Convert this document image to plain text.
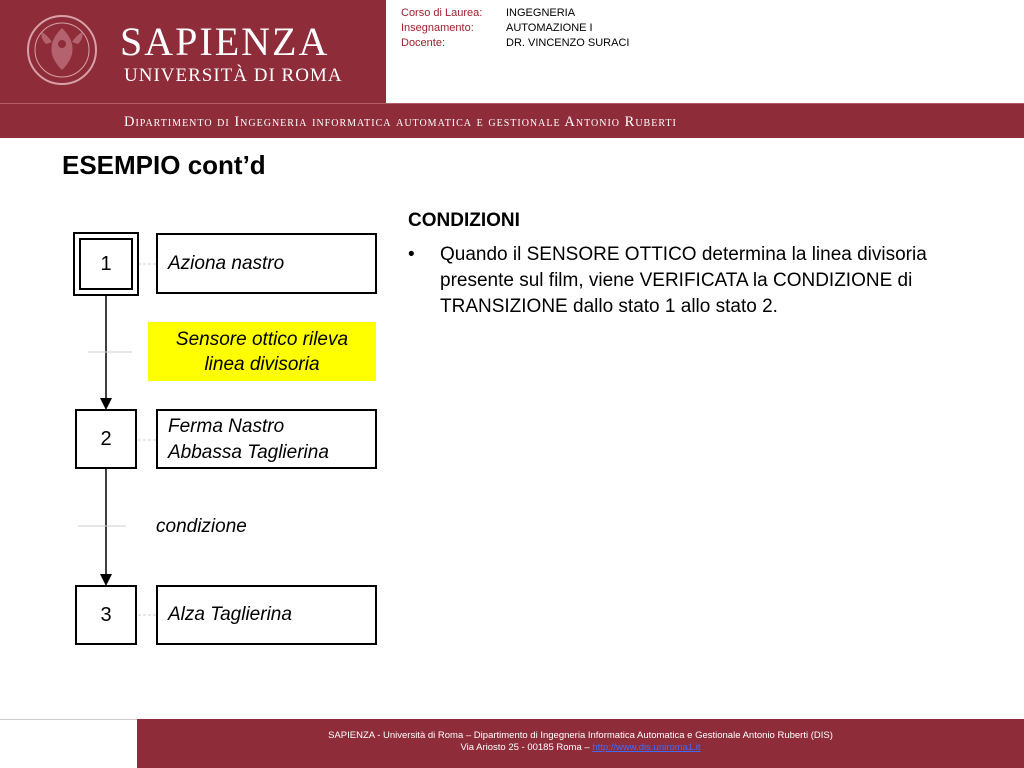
SAPIENZA
UNIVERSITÀ DI ROMA
Corso di Laurea: INGEGNERIA
Insegnamento:	AUTOMAZIONE I
Docente:	DR. VINCENZO SURACI
Dipartimento di Ingegneria informatica automatica e gestionale Antonio Ruberti
ESEMPIO cont’d
1	Aziona nastro
Sensore ottico rileva
linea divisoria
2
Ferma Nastro
Abbassa Taglierina
condizione
3	Alza Taglierina
CONDIZIONI
• Quando il SENSORE OTTICO determina la linea divisoria presente sul film, viene VERIFICATA la CONDIZIONE di TRANSIZIONE dallo stato 1 allo stato 2.
SAPIENZA - Università di Roma – Dipartimento di Ingegneria Informatica Automatica e Gestionale Antonio Ruberti (DIS)
Via Ariosto 25 - 00185 Roma – http://www.dis.uniroma1.it
